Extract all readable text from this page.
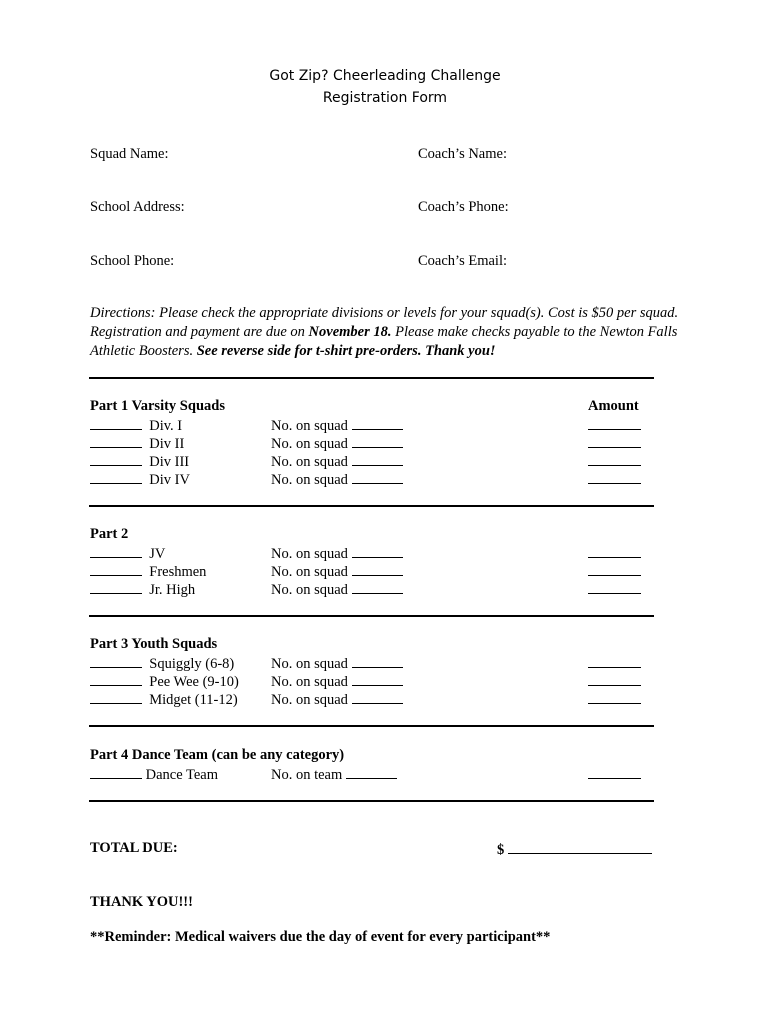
Got Zip? Cheerleading Challenge
Registration Form
Squad Name:	Coach’s Name:
School Address:	Coach’s Phone:
School Phone:	Coach’s Email:
Directions: Please check the appropriate divisions or levels for your squad(s). Cost is $50 per squad. Registration and payment are due on November 18. Please make checks payable to the Newton Falls Athletic Boosters. See reverse side for t-shirt pre-orders. Thank you!
Part 1 Varsity Squads	Amount
Div. I	No. on squad
Div II	No. on squad
Div III	No. on squad
Div IV	No. on squad
Part 2
JV	No. on squad
Freshmen	No. on squad
Jr. High	No. on squad
Part 3 Youth Squads
Squiggly (6-8)	No. on squad
Pee Wee (9-10) No. on squad
Midget (11-12) No. on squad
Part 4 Dance Team (can be any category)
Dance Team	No. on team
TOTAL DUE:	$
THANK YOU!!!
**Reminder: Medical waivers due the day of event for every participant**
